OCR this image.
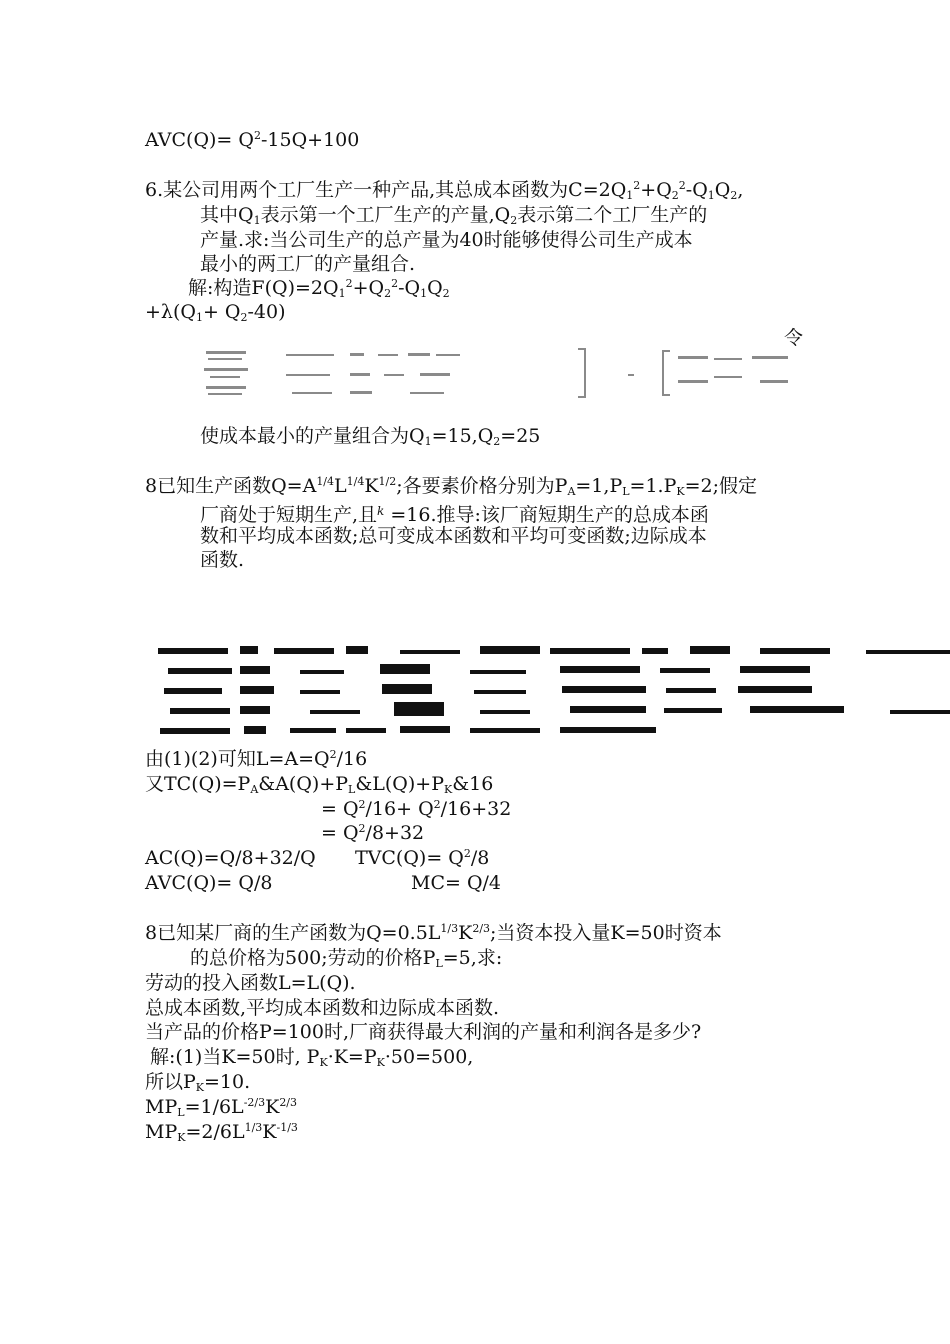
$AVC(Q)= Q^2-15Q+100$
6.某公司用两个工厂生产一种产品,其总成本函数为$C=2Q_1^2+Q_2^2-Q_1Q_2$,
其中$Q_1$表示第一个工厂生产的产量$,Q_2$表示第二个工厂生产的
产量.求:当公司生产的总产量为40时能够使得公司生产成本
最小的两工厂的产量组合.
解:构造$F(Q)=2Q_1^2+Q_2^2-Q_1Q_2$
$+\lambda(Q_1+ Q_2-40)$
令
使成本最小的产量组合为$Q_1=15,Q_2=25$
8已知生产函数$Q=A^{1/4}L^{1/4}K^{1/2}$;各要素价格分别为$P_A=1,P_L=1.P_K=2$;假定
厂商处于短期生产,且$^k$ =16.推导:该厂商短期生产的总成本函
数和平均成本函数;总可变成本函数和平均可变函数;边际成本
函数.
由(1)(2)可知$L=A=Q^2/16$
又$TC(Q)=P_A\&A(Q)+P_L\&L(Q)+P_K\&16$
= $Q^2/16+ Q^2/16+32$
= $Q^2/8+32$
AC(Q)=Q/8+32/Q $TVC(Q)= Q^2/8$
AVC(Q)= Q/8	MC= Q/4
8已知某厂商的生产函数为$Q=0.5L^{1/3}K^{2/3}$;当资本投入量K=50时资本
的总价格为500;劳动的价格$P_L=5$,求:
劳动的投入函数L=L(Q).
总成本函数,平均成本函数和边际成本函数.
当产品的价格P=100时,厂商获得最大利润的产量和利润各是多少?
解:(1)当K=50时, $P_K\cdot K=P_K\cdot 50=500$,
所以$P_K=10$.
$MP_L=1/6L^{-2/3}K^{2/3}$
$MP_K=2/6L^{1/3}K^{-1/3}$
